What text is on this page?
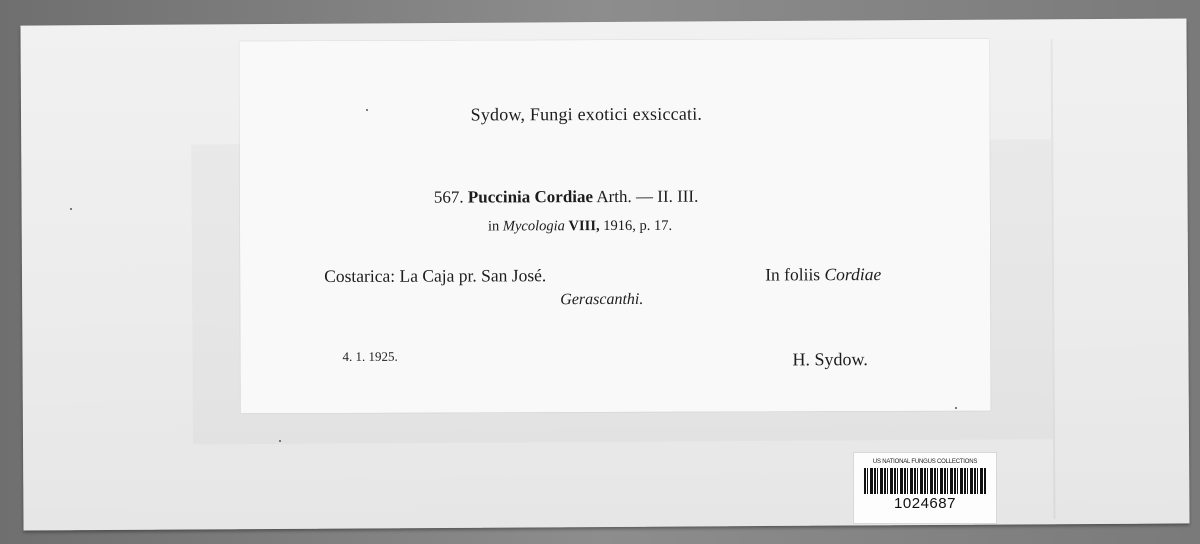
Sydow, Fungi exotici exsiccati.
567. Puccinia Cordiae Arth. — II. III.
in Mycologia VIII, 1916, p. 17.
Costarica: La Caja pr. San José.	In foliis Cordiae
Gerascanthi.
4. 1. 1925.	H. Sydow.
US NATIONAL FUNGUS COLLECTIONS
1024687
